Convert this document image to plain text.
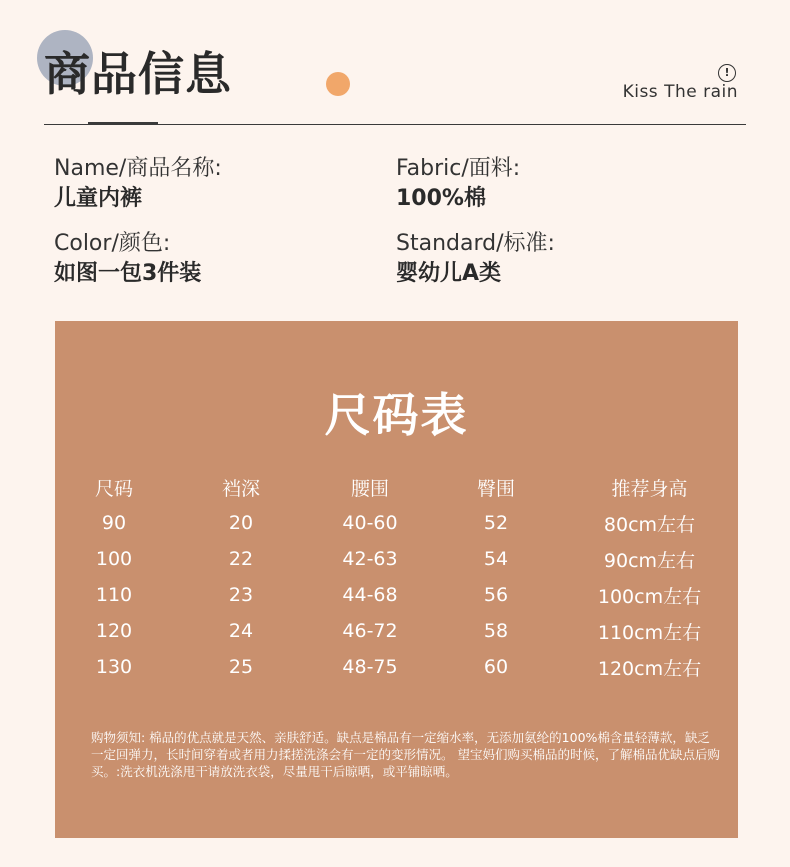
商品信息	!
Kiss The rain
Name/商品名称:
儿童内裤
Fabric/面料:
100%棉
Color/颜色:
如图一包3件装
Standard/标准:
婴幼儿A类
尺码表
尺码	裆深	腰围	臀围	推荐身高
90	20	40-60	52	80cm左右
100	22	42-63	54	90cm左右
110	23	44-68	56	100cm左右
120	24	46-72	58	110cm左右
130	25	48-75	60	120cm左右
购物须知: 棉品的优点就是天然、亲肤舒适。缺点是棉品有一定缩水率，无添加氨纶的100%棉含量轻薄款，缺乏一定回弹力，长时间穿着或者用力揉搓洗涤会有一定的变形情况。 望宝妈们购买棉品的时候，了解棉品优缺点后购买。:洗衣机洗涤甩干请放洗衣袋，尽量甩干后晾晒，或平铺晾晒。
